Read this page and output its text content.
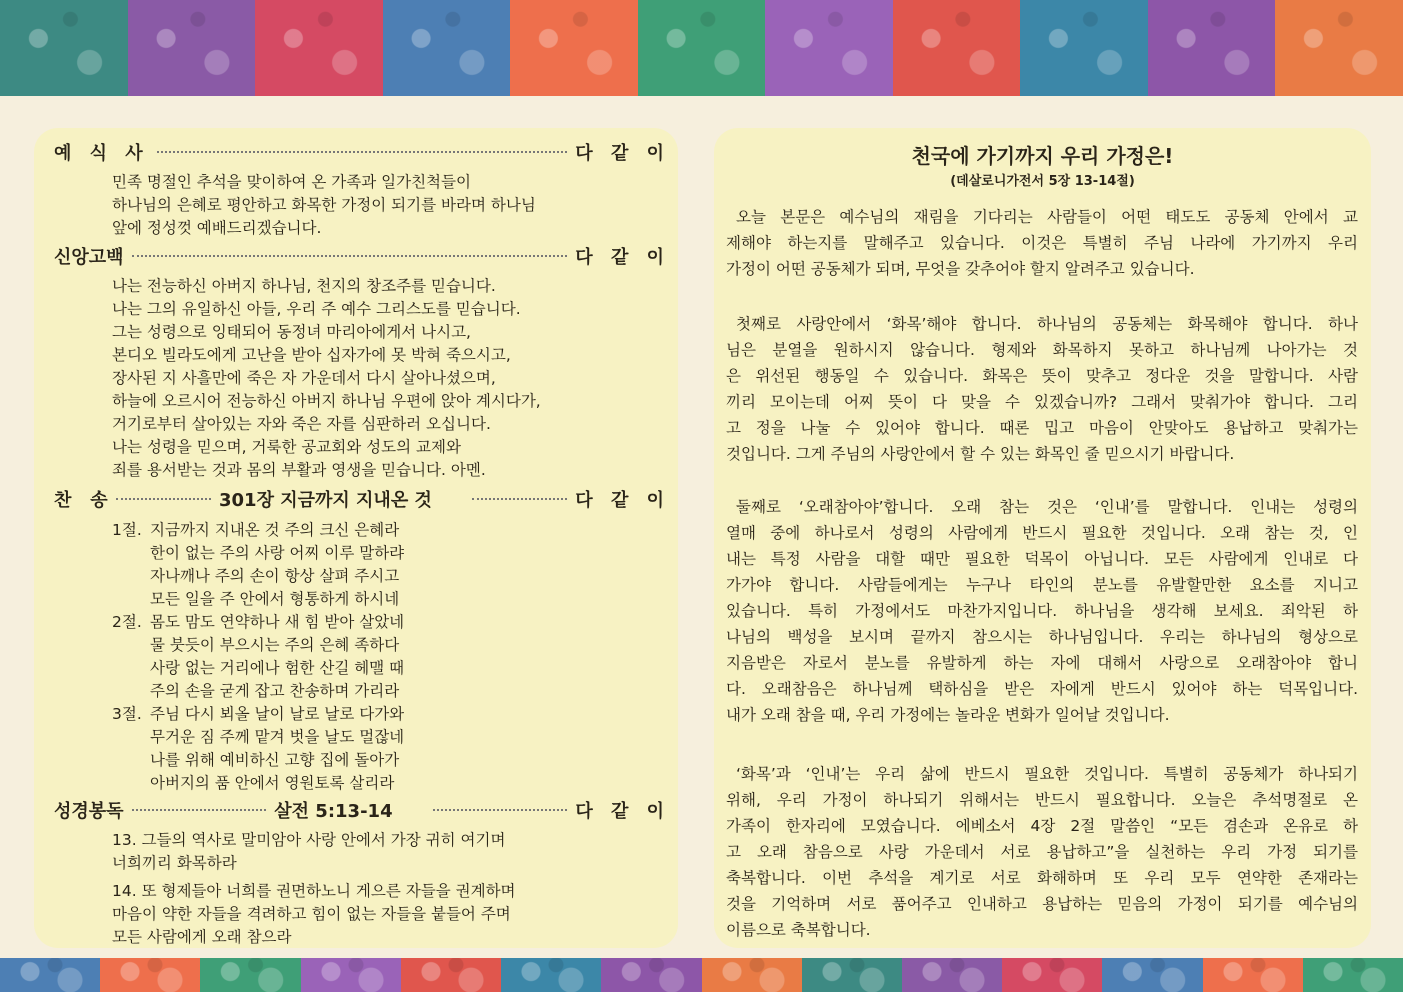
예 식 사	다 같 이
민족 명절인 추석을 맞이하여 온 가족과 일가친척들이
하나님의 은혜로 평안하고 화목한 가정이 되기를 바라며 하나님
앞에 정성껏 예배드리겠습니다.
신앙고백	다 같 이
나는 전능하신 아버지 하나님, 천지의 창조주를 믿습니다.
나는 그의 유일하신 아들, 우리 주 예수 그리스도를 믿습니다.
그는 성령으로 잉태되어 동정녀 마리아에게서 나시고,
본디오 빌라도에게 고난을 받아 십자가에 못 박혀 죽으시고,
장사된 지 사흘만에 죽은 자 가운데서 다시 살아나셨으며,
하늘에 오르시어 전능하신 아버지 하나님 우편에 앉아 계시다가,
거기로부터 살아있는 자와 죽은 자를 심판하러 오십니다.
나는 성령을 믿으며, 거룩한 공교회와 성도의 교제와
죄를 용서받는 것과 몸의 부활과 영생을 믿습니다. 아멘.
찬   송	301장 지금까지 지내온 것	다 같 이
1절. 지금까지 지내온 것 주의 크신 은혜라
한이 없는 주의 사랑 어찌 이루 말하랴
자나깨나 주의 손이 항상 살펴 주시고
모든 일을 주 안에서 형통하게 하시네
2절. 몸도 맘도 연약하나 새 힘 받아 살았네
물 붓듯이 부으시는 주의 은혜 족하다
사랑 없는 거리에나 험한 산길 헤맬 때
주의 손을 굳게 잡고 찬송하며 가리라
3절. 주님 다시 뵈올 날이 날로 날로 다가와
무거운 짐 주께 맡겨 벗을 날도 멀잖네
나를 위해 예비하신 고향 집에 돌아가
아버지의 품 안에서 영원토록 살리라
성경봉독	살전 5:13-14	다 같 이
13. 그들의 역사로 말미암아 사랑 안에서 가장 귀히 여기며
너희끼리 화목하라
14. 또 형제들아 너희를 권면하노니 게으른 자들을 권계하며
마음이 약한 자들을 격려하고 힘이 없는 자들을 붙들어 주며
모든 사람에게 오래 참으라
천국에 가기까지 우리 가정은!
(데살로니가전서 5장 13-14절)
오늘 본문은 예수님의 재림을 기다리는 사람들이 어떤 태도도 공동체 안에서 교
제해야 하는지를 말해주고 있습니다. 이것은 특별히 주님 나라에 가기까지 우리
가정이 어떤 공동체가 되며, 무엇을 갖추어야 할지 알려주고 있습니다.
첫째로 사랑안에서 ‘화목’해야 합니다. 하나님의 공동체는 화목해야 합니다. 하나
님은 분열을 원하시지 않습니다. 형제와 화목하지 못하고 하나님께 나아가는 것
은 위선된 행동일 수 있습니다. 화목은 뜻이 맞추고 정다운 것을 말합니다. 사람
끼리 모이는데 어찌 뜻이 다 맞을 수 있겠습니까? 그래서 맞춰가야 합니다. 그리
고 정을 나눌 수 있어야 합니다. 때론 밉고 마음이 안맞아도 용납하고 맞춰가는
것입니다. 그게 주님의 사랑안에서 할 수 있는 화목인 줄 믿으시기 바랍니다.
둘째로 ‘오래참아야’합니다. 오래 참는 것은 ‘인내’를 말합니다. 인내는 성령의
열매 중에 하나로서 성령의 사람에게 반드시 필요한 것입니다. 오래 참는 것, 인
내는 특정 사람을 대할 때만 필요한 덕목이 아닙니다. 모든 사람에게 인내로 다
가가야 합니다. 사람들에게는 누구나 타인의 분노를 유발할만한 요소를 지니고
있습니다. 특히 가정에서도 마찬가지입니다. 하나님을 생각해 보세요. 죄악된 하
나님의 백성을 보시며 끝까지 참으시는 하나님입니다. 우리는 하나님의 형상으로
지음받은 자로서 분노를 유발하게 하는 자에 대해서 사랑으로 오래참아야 합니
다. 오래참음은 하나님께 택하심을 받은 자에게 반드시 있어야 하는 덕목입니다.
내가 오래 참을 때, 우리 가정에는 놀라운 변화가 일어날 것입니다.
‘화목’과 ‘인내’는 우리 삶에 반드시 필요한 것입니다. 특별히 공동체가 하나되기
위해, 우리 가정이 하나되기 위해서는 반드시 필요합니다. 오늘은 추석명절로 온
가족이 한자리에 모였습니다. 에베소서 4장 2절 말씀인 “모든 겸손과 온유로 하
고 오래 참음으로 사랑 가운데서 서로 용납하고”을 실천하는 우리 가정 되기를
축복합니다. 이번 추석을 계기로 서로 화해하며 또 우리 모두 연약한 존재라는
것을 기억하며 서로 품어주고 인내하고 용납하는 믿음의 가정이 되기를 예수님의
이름으로 축복합니다.
